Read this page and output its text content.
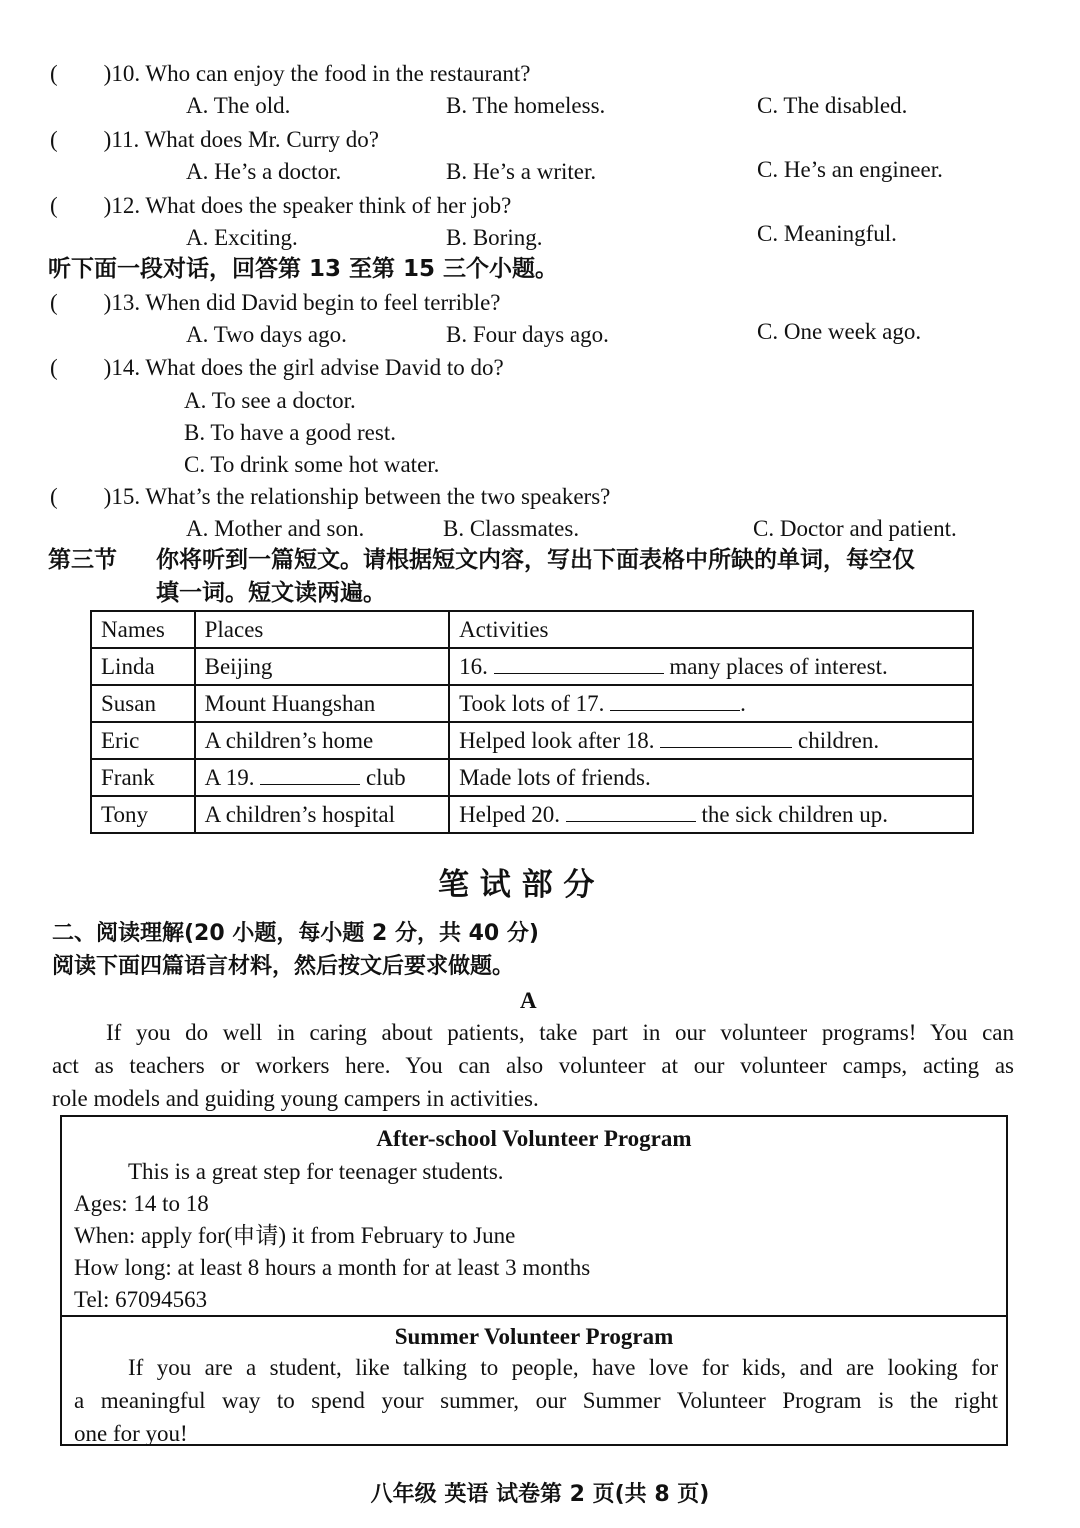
(  )10. Who can enjoy the food in the restaurant?
A. The old.	B. The homeless.	C. The disabled.
(  )11. What does Mr. Curry do?
A. He’s a doctor.	B. He’s a writer.	C. He’s an engineer.
(  )12. What does the speaker think of her job?
A. Exciting.	B. Boring.	C. Meaningful.
听下面一段对话，回答第 13 至第 15 三个小题。
(  )13. When did David begin to feel terrible?
A. Two days ago.	B. Four days ago.	C. One week ago.
(  )14. What does the girl advise David to do?
A. To see a doctor.
B. To have a good rest.
C. To drink some hot water.
(  )15. What’s the relationship between the two speakers?
A. Mother and son.	B. Classmates.	C. Doctor and patient.
第三节 你将听到一篇短文。请根据短文内容，写出下面表格中所缺的单词，每空仅
填一词。短文读两遍。
Names	Places	Activities
Linda	Beijing	16. many places of interest.
Susan	Mount Huangshan	Took lots of 17. .
Eric	A children’s home	Helped look after 18. children.
Frank	A 19. club	Made lots of friends.
Tony	A children’s hospital	Helped 20. the sick children up.
笔 试 部 分
二、阅读理解(20 小题，每小题 2 分，共 40 分)
阅读下面四篇语言材料，然后按文后要求做题。
A
If you do well in caring about patients, take part in our volunteer programs! You can
act as teachers or workers here. You can also volunteer at our volunteer camps, acting as
role models and guiding young campers in activities.
After-school Volunteer Program
This is a great step for teenager students.
Ages: 14 to 18
When: apply for(申请) it from February to June
How long: at least 8 hours a month for at least 3 months
Tel: 67094563
Summer Volunteer Program
If you are a student, like talking to people, have love for kids, and are looking for
a meaningful way to spend your summer, our Summer Volunteer Program is the right
one for you!
八年级 英语 试卷第 2 页(共 8 页)
